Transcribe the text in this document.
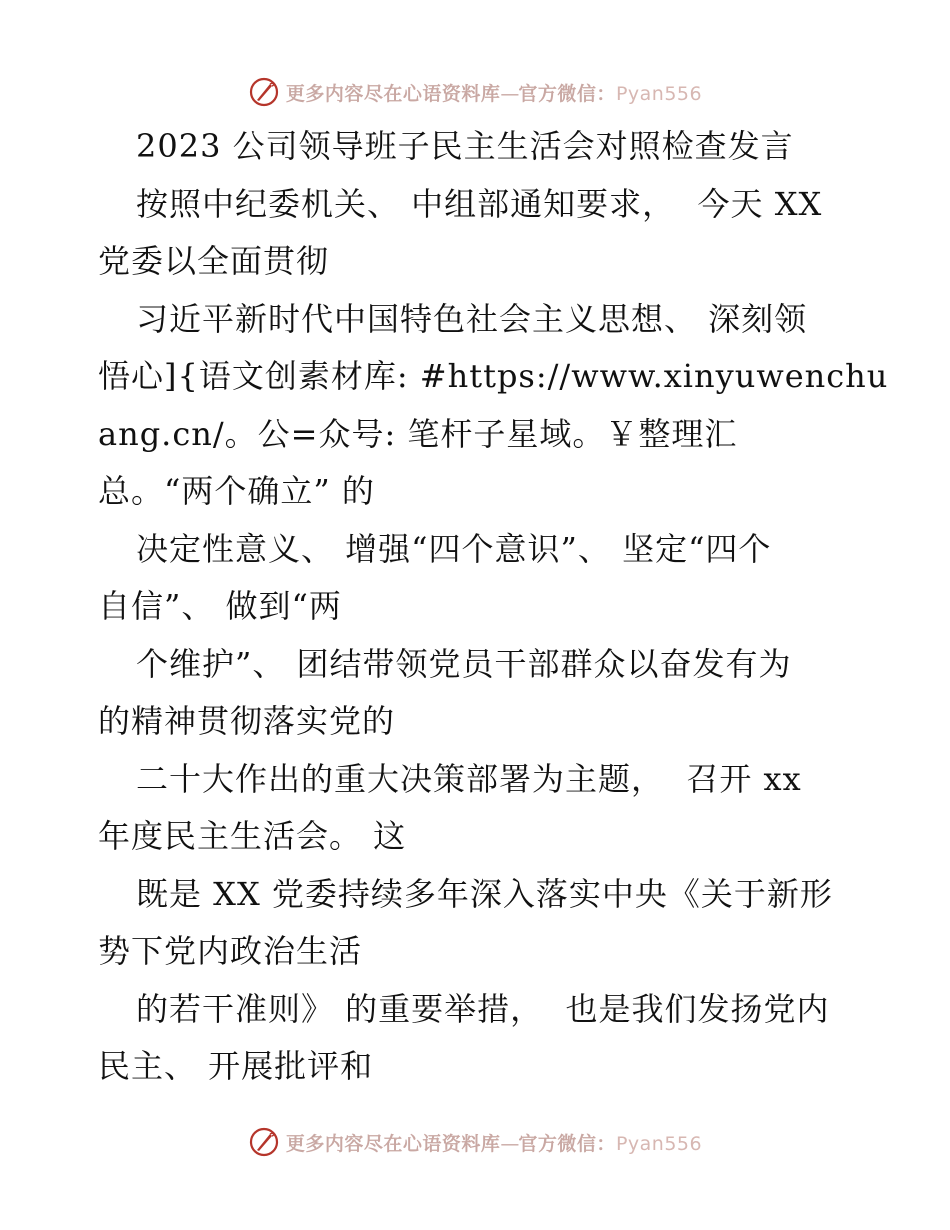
更多内容尽在心语资料库—官方微信：Pyan556
2023 公司领导班子民主生活会对照检查发言
按照中纪委机关、 中组部通知要求，  今天 XX
党委以全面贯彻
习近平新时代中国特色社会主义思想、 深刻领
悟心]{语文创素材库: #https://www.xinyuwenchu
ang.cn/。公=众号: 笔杆子星域。￥整理汇
总。“两个确立” 的
决定性意义、 增强“四个意识”、 坚定“四个
自信”、 做到“两
个维护”、 团结带领党员干部群众以奋发有为
的精神贯彻落实党的
二十大作出的重大决策部署为主题，  召开 xx
年度民主生活会。 这
既是 XX 党委持续多年深入落实中央《关于新形
势下党内政治生活
的若干准则》 的重要举措，  也是我们发扬党内
民主、 开展批评和
更多内容尽在心语资料库—官方微信：Pyan556
